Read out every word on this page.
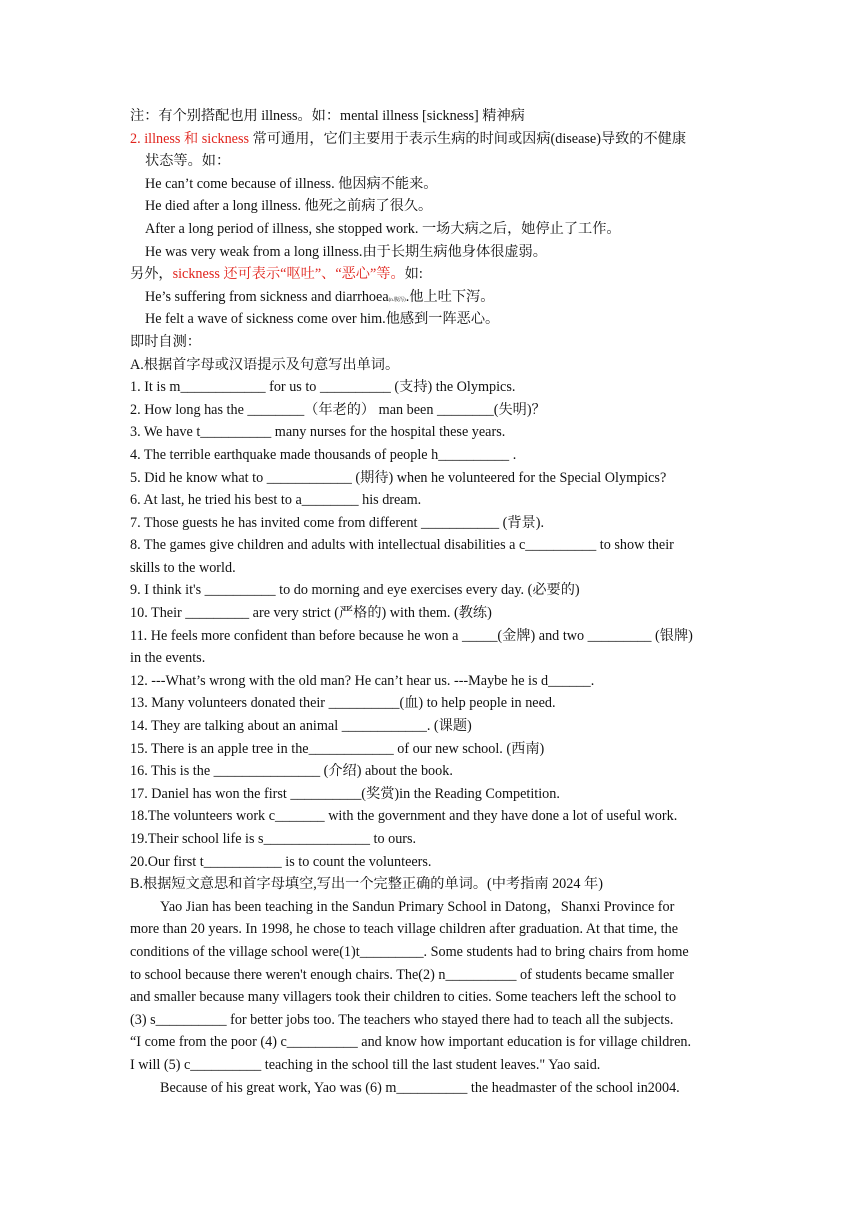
注：有个别搭配也用 illness。如：mental illness [sickness] 精神病
2. illness 和 sickness 常可通用，它们主要用于表示生病的时间或因病(disease)导致的不健康
状态等。如：
He can’t come because of illness. 他因病不能来。
He died after a long illness. 他死之前病了很久。
After a long period of illness, she stopped work. 一场大病之后，她停止了工作。
He was very weak from a long illness.由于长期生病他身体很虚弱。
另外，sickness 还可表示“呕吐”、“恶心”等。如:
He’s suffering from sickness and diarrhoea(n.腹泻).他上吐下泻。
He felt a wave of sickness come over him.他感到一阵恶心。
即时自测：
A.根据首字母或汉语提示及句意写出单词。
1. It is m____________ for us to __________ (支持) the Olympics.
2. How long has the ________（年老的） man been ________(失明)？
3. We have t__________ many nurses for the hospital these years.
4. The terrible earthquake made thousands of people h__________ .
5. Did he know what to ____________ (期待) when he volunteered for the Special Olympics?
6. At last, he tried his best to a________ his dream.
7. Those guests he has invited come from different ___________ (背景).
8. The games give children and adults with intellectual disabilities a c__________ to show their
skills to the world.
9. I think it's __________ to do morning and eye exercises every day. (必要的)
10. Their _________ are very strict (严格的) with them. (教练)
11. He feels more confident than before because he won a _____(金牌) and two _________ (银牌)
in the events.
12. ---What’s wrong with the old man? He can’t hear us. ---Maybe he is d______.
13. Many volunteers donated their __________(血) to help people in need.
14. They are talking about an animal ____________. (课题)
15. There is an apple tree in the____________ of our new school. (西南)
16. This is the _______________ (介绍) about the book.
17. Daniel has won the first __________(奖赏)in the Reading Competition.
18.The volunteers work c_______ with the government and they have done a lot of useful work.
19.Their school life is s_______________ to ours.
20.Our first t___________ is to count the volunteers.
B.根据短文意思和首字母填空,写出一个完整正确的单词。(中考指南 2024 年)
Yao Jian has been teaching in the Sandun Primary School in Datong，Shanxi Province for
more than 20 years. In 1998, he chose to teach village children after graduation. At that time, the
conditions of the village school were(1)t_________. Some students had to bring chairs from home
to school because there weren't enough chairs. The(2) n__________ of students became smaller
and smaller because many villagers took their children to cities. Some teachers left the school to
(3) s__________ for better jobs too. The teachers who stayed there had to teach all the subjects.
“I come from the poor (4) c__________ and know how important education is for village children.
I will (5) c__________ teaching in the school till the last student leaves." Yao said.
Because of his great work, Yao was (6) m__________ the headmaster of the school in2004.
